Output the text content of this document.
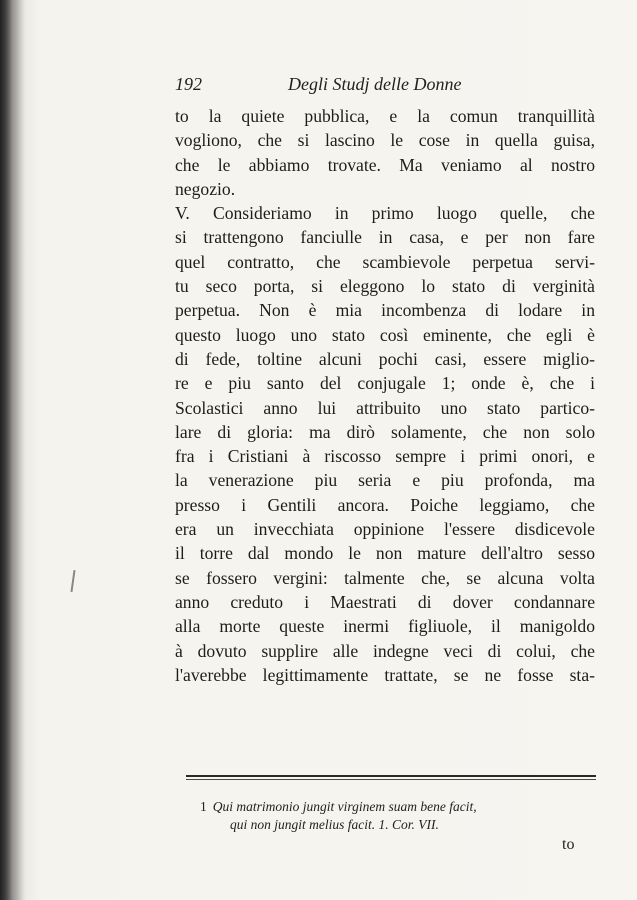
192	Degli Studj delle Donne
to la quiete pubblica, e la comun tranquillità
vogliono, che si lascino le cose in quella guisa,
che le abbiamo trovate. Ma veniamo al nostro
negozio.
V. Consideriamo in primo luogo quelle, che
si trattengono fanciulle in casa, e per non fare
quel contratto, che scambievole perpetua servi-
tu seco porta, si eleggono lo stato di verginità
perpetua. Non è mia incombenza di lodare in
questo luogo uno stato così eminente, che egli è
di fede, toltine alcuni pochi casi, essere miglio-
re e piu santo del conjugale 1; onde è, che i
Scolastici anno lui attribuito uno stato partico-
lare di gloria: ma dirò solamente, che non solo
fra i Cristiani à riscosso sempre i primi onori, e
la venerazione piu seria e piu profonda, ma
presso i Gentili ancora. Poiche leggiamo, che
era un invecchiata oppinione l'essere disdicevole
il torre dal mondo le non mature dell'altro sesso
se fossero vergini: talmente che, se alcuna volta
anno creduto i Maestrati di dover condannare
alla morte queste inermi figliuole, il manigoldo
à dovuto supplire alle indegne veci di colui, che
l'averebbe legittimamente trattate, se ne fosse sta-
1 Qui matrimonio jungit virginem suam bene facit,
qui non jungit melius facit. 1. Cor. VII.
to
